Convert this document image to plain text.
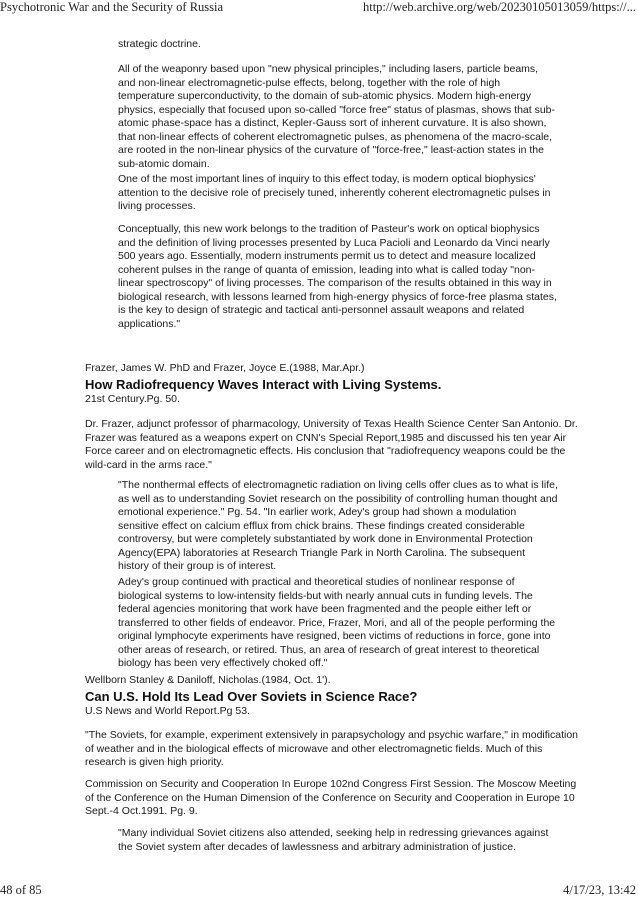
Psychotronic War and the Security of Russia	http://web.archive.org/web/20230105013059/https://...

strategic doctrine.

All of the weaponry based upon "new physical principles," including lasers, particle beams, and non-linear electromagnetic-pulse effects, belong, together with the role of high temperature superconductivity, to the domain of sub-atomic physics. Modern high-energy physics, especially that focused upon so-called "force free" status of plasmas, shows that sub-atomic phase-space has a distinct, Kepler-Gauss sort of inherent curvature. It is also shown, that non-linear effects of coherent electromagnetic pulses, as phenomena of the macro-scale, are rooted in the non-linear physics of the curvature of "force-free," least-action states in the sub-atomic domain.

One of the most important lines of inquiry to this effect today, is modern optical biophysics' attention to the decisive role of precisely tuned, inherently coherent electromagnetic pulses in living processes.

Conceptually, this new work belongs to the tradition of Pasteur's work on optical biophysics and the definition of living processes presented by Luca Pacioli and Leonardo da Vinci nearly 500 years ago. Essentially, modern instruments permit us to detect and measure localized coherent pulses in the range of quanta of emission, leading into what is called today "non-linear spectroscopy" of living processes. The comparison of the results obtained in this way in biological research, with lessons learned from high-energy physics of force-free plasma states, is the key to design of strategic and tactical anti-personnel assault weapons and related applications."

Frazer, James W. PhD and Frazer, Joyce E.(1988, Mar.Apr.)

How Radiofrequency Waves Interact with Living Systems.

21st Century.Pg. 50.

Dr. Frazer, adjunct professor of pharmacology, University of Texas Health Science Center San Antonio. Dr. Frazer was featured as a weapons expert on CNN's Special Report,1985 and discussed his ten year Air Force career and on electromagnetic effects. His conclusion that "radiofrequency weapons could be the wild-card in the arms race."

"The nonthermal effects of electromagnetic radiation on living cells offer clues as to what is life, as well as to understanding Soviet research on the possibility of controlling human thought and emotional experience." Pg. 54. "In earlier work, Adey's group had shown a modulation sensitive effect on calcium efflux from chick brains. These findings created considerable controversy, but were completely substantiated by work done in Environmental Protection Agency(EPA) laboratories at Research Triangle Park in North Carolina. The subsequent history of their group is of interest.

Adey's group continued with practical and theoretical studies of nonlinear response of biological systems to low-intensity fields-but with nearly annual cuts in funding levels. The federal agencies monitoring that work have been fragmented and the people either left or transferred to other fields of endeavor. Price, Frazer, Mori, and all of the people performing the original lymphocyte experiments have resigned, been victims of reductions in force, gone into other areas of research, or retired. Thus, an area of research of great interest to theoretical biology has been very effectively choked off."

Wellborn Stanley & Daniloff, Nicholas.(1984, Oct. 1').

Can U.S. Hold Its Lead Over Soviets in Science Race?

U.S News and World Report.Pg 53.

"The Soviets, for example, experiment extensively in parapsychology and psychic warfare," in modification of weather and in the biological effects of microwave and other electromagnetic fields. Much of this research is given high priority.

Commission on Security and Cooperation In Europe 102nd Congress First Session. The Moscow Meeting of the Conference on the Human Dimension of the Conference on Security and Cooperation in Europe 10 Sept.-4 Oct.1991. Pg. 9.

"Many individual Soviet citizens also attended, seeking help in redressing grievances against the Soviet system after decades of lawlessness and arbitrary administration of justice.

48 of 85	4/17/23, 13:42
